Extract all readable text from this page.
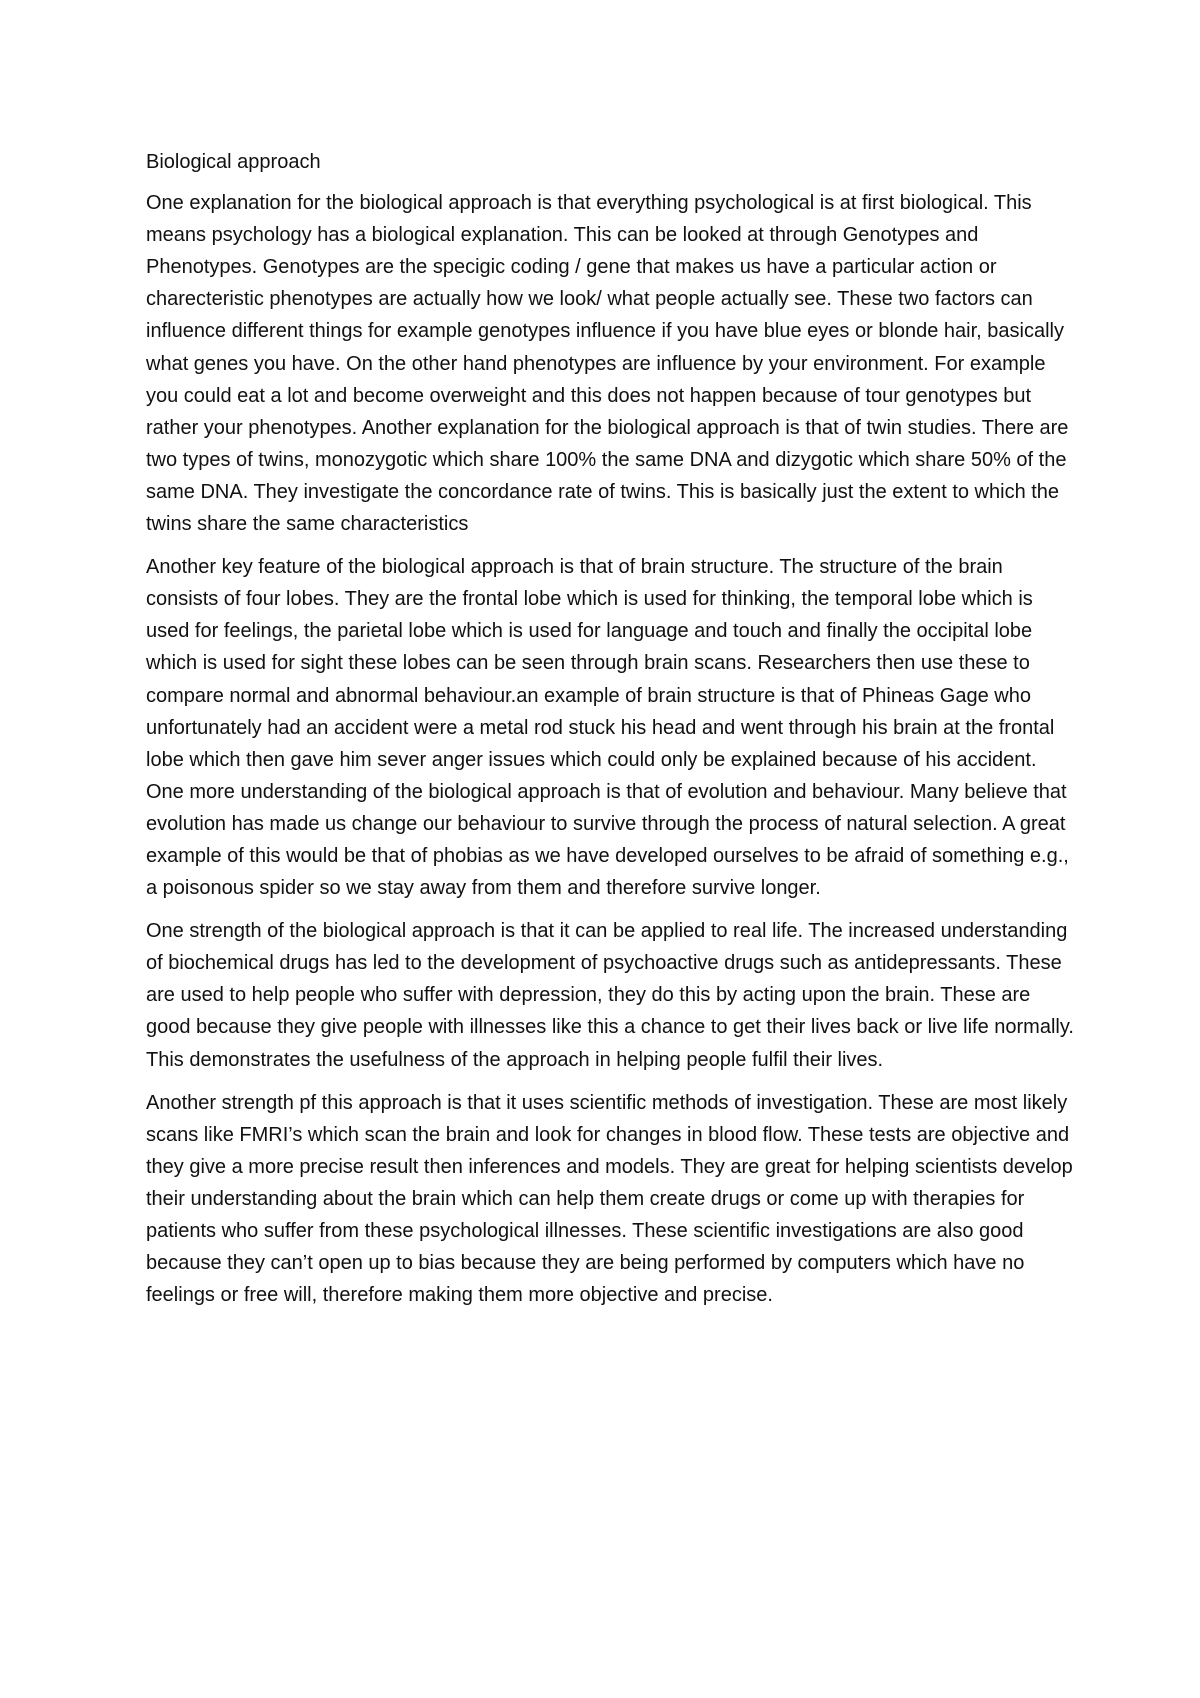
Biological approach

One explanation for the biological approach is that everything psychological is at first biological. This means psychology has a biological explanation. This can be looked at through Genotypes and Phenotypes. Genotypes are the specigic coding / gene that makes us have a particular action or charecteristic phenotypes are actually how we look/ what people actually see. These two factors can influence different things for example genotypes influence if you have blue eyes or blonde hair, basically what genes you have. On the other hand phenotypes are influence by your environment. For example you could eat a lot and become overweight and this does not happen because of tour genotypes but rather your phenotypes. Another explanation for the biological approach is that of twin studies. There are two types of twins, monozygotic which share 100% the same DNA and dizygotic which share 50% of the same DNA. They investigate the concordance rate of twins. This is basically just the extent to which the twins share the same characteristics

Another key feature of the biological approach is that of brain structure. The structure of the brain consists of four lobes. They are the frontal lobe which is used for thinking, the temporal lobe which is used for feelings, the parietal lobe which is used for language and touch and finally the occipital lobe which is used for sight these lobes can be seen through brain scans. Researchers then use these to compare normal and abnormal behaviour.an example of brain structure is that of Phineas Gage who unfortunately had an accident were a metal rod stuck his head and went through his brain at the frontal lobe which then gave him sever anger issues which could only be explained because of his accident. One more understanding of the biological approach is that of evolution and behaviour. Many believe that evolution has made us change our behaviour to survive through the process of natural selection. A great example of this would be that of phobias as we have developed ourselves to be afraid of something e.g., a poisonous spider so we stay away from them and therefore survive longer.

One strength of the biological approach is that it can be applied to real life. The increased understanding of biochemical drugs has led to the development of psychoactive drugs such as antidepressants. These are used to help people who suffer with depression, they do this by acting upon the brain. These are good because they give people with illnesses like this a chance to get their lives back or live life normally. This demonstrates the usefulness of the approach in helping people fulfil their lives.

Another strength pf this approach is that it uses scientific methods of investigation. These are most likely scans like FMRI’s which scan the brain and look for changes in blood flow. These tests are objective and they give a more precise result then inferences and models. They are great for helping scientists develop their understanding about the brain which can help them create drugs or come up with therapies for patients who suffer from these psychological illnesses. These scientific investigations are also good because they can’t open up to bias because they are being performed by computers which have no feelings or free will, therefore making them more objective and precise.
